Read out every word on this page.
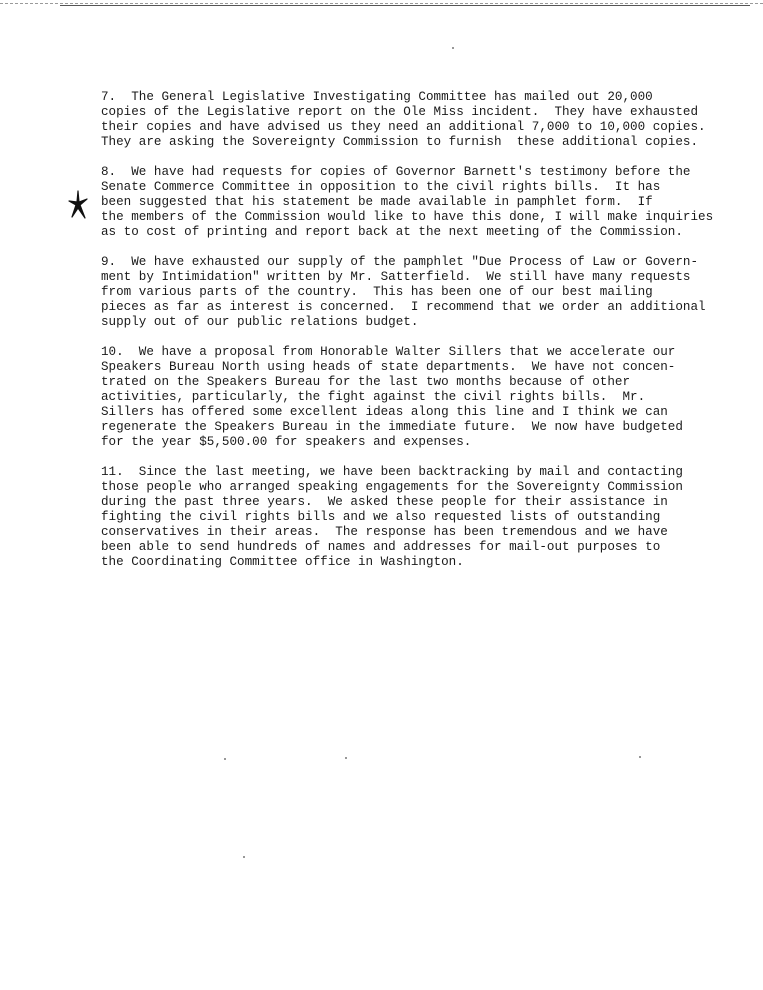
7.  The General Legislative Investigating Committee has mailed out 20,000
copies of the Legislative report on the Ole Miss incident.  They have exhausted
their copies and have advised us they need an additional 7,000 to 10,000 copies.
They are asking the Sovereignty Commission to furnish  these additional copies.

8.  We have had requests for copies of Governor Barnett's testimony before the
Senate Commerce Committee in opposition to the civil rights bills.  It has
been suggested that his statement be made available in pamphlet form.  If
the members of the Commission would like to have this done, I will make inquiries
as to cost of printing and report back at the next meeting of the Commission.

9.  We have exhausted our supply of the pamphlet "Due Process of Law or Govern-
ment by Intimidation" written by Mr. Satterfield.  We still have many requests
from various parts of the country.  This has been one of our best mailing
pieces as far as interest is concerned.  I recommend that we order an additional
supply out of our public relations budget.

10.  We have a proposal from Honorable Walter Sillers that we accelerate our
Speakers Bureau North using heads of state departments.  We have not concen-
trated on the Speakers Bureau for the last two months because of other
activities, particularly, the fight against the civil rights bills.  Mr.
Sillers has offered some excellent ideas along this line and I think we can
regenerate the Speakers Bureau in the immediate future.  We now have budgeted
for the year $5,500.00 for speakers and expenses.

11.  Since the last meeting, we have been backtracking by mail and contacting
those people who arranged speaking engagements for the Sovereignty Commission
during the past three years.  We asked these people for their assistance in
fighting the civil rights bills and we also requested lists of outstanding
conservatives in their areas.  The response has been tremendous and we have
been able to send hundreds of names and addresses for mail-out purposes to
the Coordinating Committee office in Washington.
